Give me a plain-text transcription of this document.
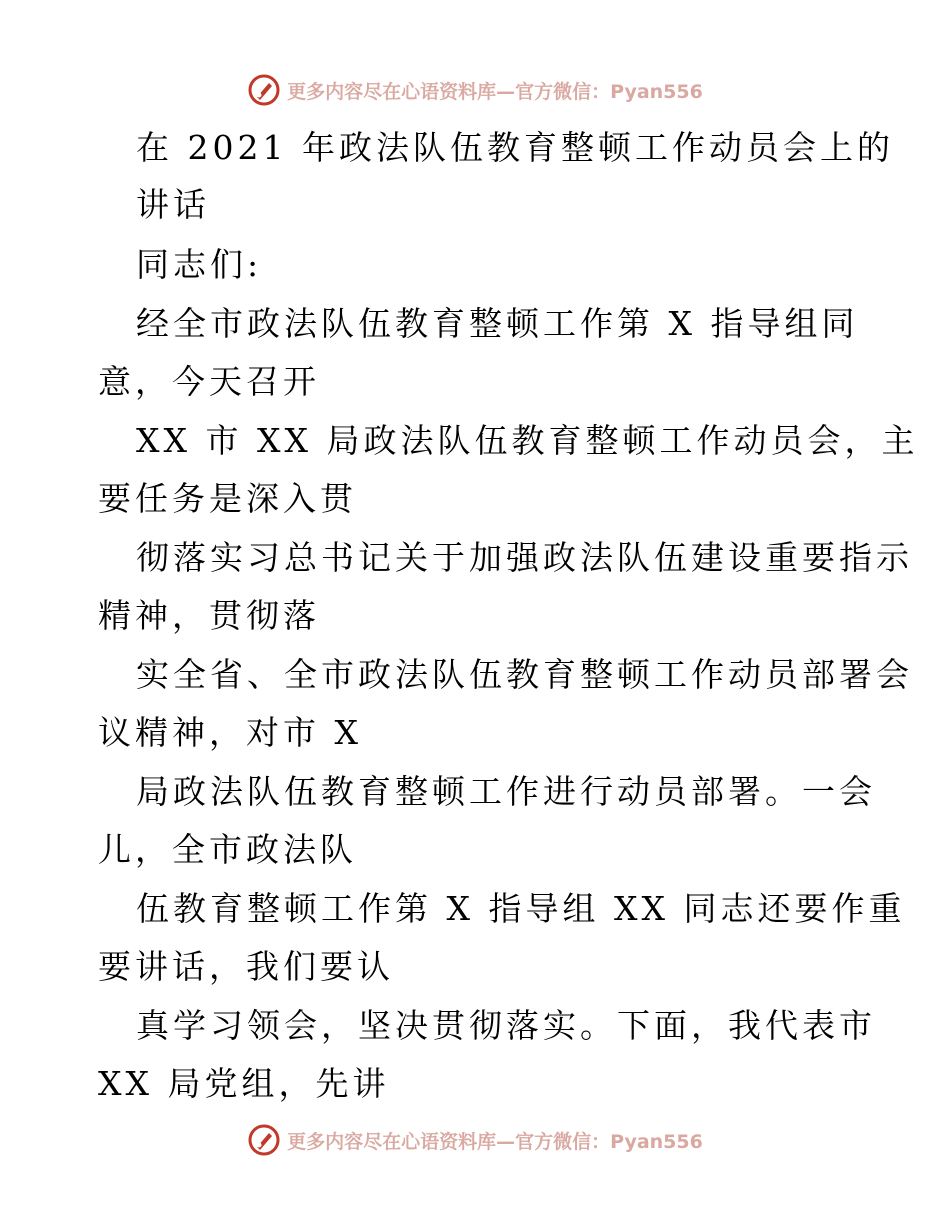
更多内容尽在心语资料库—官方微信：Pyan556
在 2021 年政法队伍教育整顿工作动员会上的
讲话
同志们:
经全市政法队伍教育整顿工作第 X 指导组同
意，今天召开
XX 市 XX 局政法队伍教育整顿工作动员会，主
要任务是深入贯
彻落实习总书记关于加强政法队伍建设重要指示
精神，贯彻落
实全省、全市政法队伍教育整顿工作动员部署会
议精神，对市 X
局政法队伍教育整顿工作进行动员部署。一会
儿，全市政法队
伍教育整顿工作第 X 指导组 XX 同志还要作重
要讲话，我们要认
真学习领会，坚决贯彻落实。下面，我代表市
XX 局党组，先讲
更多内容尽在心语资料库—官方微信：Pyan556
